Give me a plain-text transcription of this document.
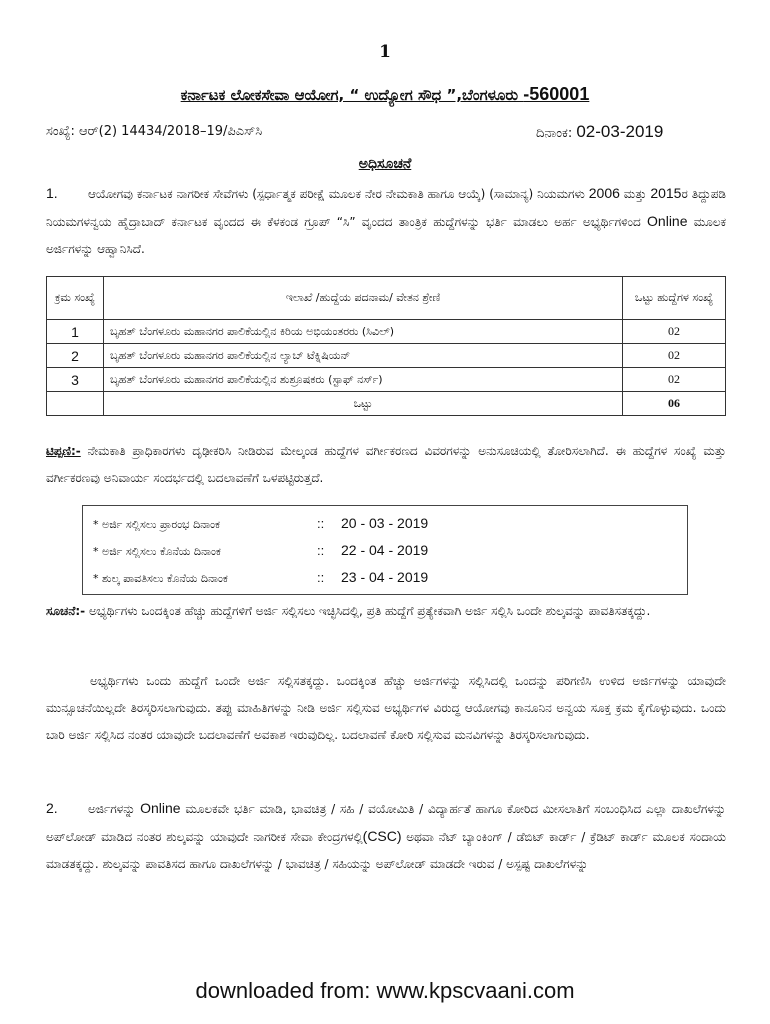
1
ಕರ್ನಾಟಕ ಲೋಕಸೇವಾ ಆಯೋಗ, “ ಉದ್ಯೋಗ ಸೌಧ ”,ಬೆಂಗಳೂರು -560001
ಸಂಖ್ಯೆ: ಆರ್(2) 14434/2018–19/ಪಿಎಸ್‌ಸಿ	ದಿನಾಂಕ: 02-03-2019
ಅಧಿಸೂಚನೆ
1.	ಆಯೋಗವು ಕರ್ನಾಟಕ ನಾಗರೀಕ ಸೇವೆಗಳು (ಸ್ಪರ್ಧಾತ್ಮಕ ಪರೀಕ್ಷೆ ಮೂಲಕ ನೇರ ನೇಮಕಾತಿ ಹಾಗೂ ಆಯ್ಕೆ) (ಸಾಮಾನ್ಯ) ನಿಯಮಗಳು 2006 ಮತ್ತು 2015ರ ತಿದ್ದುಪಡಿ ನಿಯಮಗಳನ್ವಯ ಹೈದ್ರಾಬಾದ್ ಕರ್ನಾಟಕ ವೃಂದದ ಈ ಕೆಳಕಂಡ ಗ್ರೂಪ್ “ಸಿ” ವೃಂದದ ತಾಂತ್ರಿಕ ಹುದ್ದೆಗಳನ್ನು ಭರ್ತಿ ಮಾಡಲು ಅರ್ಹ ಅಭ್ಯರ್ಥಿಗಳಿಂದ Online ಮೂಲಕ ಅರ್ಜಿಗಳನ್ನು ಆಹ್ವಾನಿಸಿದೆ.
ಕ್ರಮ ಸಂಖ್ಯೆ	ಇಲಾಖೆ /ಹುದ್ದೆಯ ಪದನಾಮ/ ವೇತನ ಶ್ರೇಣಿ	ಒಟ್ಟು ಹುದ್ದೆಗಳ ಸಂಖ್ಯೆ
1	ಬೃಹತ್ ಬೆಂಗಳೂರು ಮಹಾನಗರ ಪಾಲಿಕೆಯಲ್ಲಿನ ಕಿರಿಯ ಅಭಿಯಂತರರು (ಸಿವಿಲ್)	02
2	ಬೃಹತ್ ಬೆಂಗಳೂರು ಮಹಾನಗರ ಪಾಲಿಕೆಯಲ್ಲಿನ ಲ್ಯಾಬ್ ಟೆಕ್ನಿಷಿಯನ್	02
3	ಬೃಹತ್ ಬೆಂಗಳೂರು ಮಹಾನಗರ ಪಾಲಿಕೆಯಲ್ಲಿನ ಶುಶ್ರೂಷಕರು (ಸ್ಟಾಫ್ ನರ್ಸ್)	02
	ಒಟ್ಟು	06
ಟಿಪ್ಪಣಿ:- ನೇಮಕಾತಿ ಪ್ರಾಧಿಕಾರಗಳು ದೃಢೀಕರಿಸಿ ನೀಡಿರುವ ಮೇಲ್ಕಂಡ ಹುದ್ದೆಗಳ ವರ್ಗೀಕರಣದ ವಿವರಗಳನ್ನು ಅನುಸೂಚಿಯಲ್ಲಿ ತೋರಿಸಲಾಗಿದೆ. ಈ ಹುದ್ದೆಗಳ ಸಂಖ್ಯೆ ಮತ್ತು ವರ್ಗೀಕರಣವು ಅನಿವಾರ್ಯ ಸಂದರ್ಭದಲ್ಲಿ ಬದಲಾವಣೆಗೆ ಒಳಪಟ್ಟಿರುತ್ತದೆ.
* ಅರ್ಜಿ ಸಲ್ಲಿಸಲು ಪ್ರಾರಂಭ ದಿನಾಂಕ	:: 20 - 03 - 2019
* ಅರ್ಜಿ ಸಲ್ಲಿಸಲು ಕೊನೆಯ ದಿನಾಂಕ	:: 22 - 04 - 2019
* ಶುಲ್ಕ ಪಾವತಿಸಲು ಕೊನೆಯ ದಿನಾಂಕ	:: 23 - 04 - 2019
ಸೂಚನೆ:- ಅಭ್ಯರ್ಥಿಗಳು ಒಂದಕ್ಕಿಂತ ಹೆಚ್ಚು ಹುದ್ದೆಗಳಿಗೆ ಅರ್ಜಿ ಸಲ್ಲಿಸಲು ಇಚ್ಛಿಸಿದಲ್ಲಿ, ಪ್ರತಿ ಹುದ್ದೆಗೆ ಪ್ರತ್ಯೇಕವಾಗಿ ಅರ್ಜಿ ಸಲ್ಲಿಸಿ ಒಂದೇ ಶುಲ್ಕವನ್ನು ಪಾವತಿಸತಕ್ಕದ್ದು.
ಅಭ್ಯರ್ಥಿಗಳು ಒಂದು ಹುದ್ದೆಗೆ ಒಂದೇ ಅರ್ಜಿ ಸಲ್ಲಿಸತಕ್ಕದ್ದು. ಒಂದಕ್ಕಿಂತ ಹೆಚ್ಚು ಅರ್ಜಿಗಳನ್ನು ಸಲ್ಲಿಸಿದಲ್ಲಿ ಒಂದನ್ನು ಪರಿಗಣಿಸಿ ಉಳಿದ ಅರ್ಜಿಗಳನ್ನು ಯಾವುದೇ ಮುನ್ಸೂಚನೆಯಿಲ್ಲದೇ ತಿರಸ್ಕರಿಸಲಾಗುವುದು. ತಪ್ಪು ಮಾಹಿತಿಗಳನ್ನು ನೀಡಿ ಅರ್ಜಿ ಸಲ್ಲಿಸುವ ಅಭ್ಯರ್ಥಿಗಳ ವಿರುದ್ಧ ಆಯೋಗವು ಕಾನೂನಿನ ಅನ್ವಯ ಸೂಕ್ತ ಕ್ರಮ ಕೈಗೊಳ್ಳುವುದು. ಒಂದು ಬಾರಿ ಅರ್ಜಿ ಸಲ್ಲಿಸಿದ ನಂತರ ಯಾವುದೇ ಬದಲಾವಣೆಗೆ ಅವಕಾಶ ಇರುವುದಿಲ್ಲ. ಬದಲಾವಣೆ ಕೋರಿ ಸಲ್ಲಿಸುವ ಮನವಿಗಳನ್ನು ತಿರಸ್ಕರಿಸಲಾಗುವುದು.
2.	ಅರ್ಜಿಗಳನ್ನು Online ಮೂಲಕವೇ ಭರ್ತಿ ಮಾಡಿ, ಭಾವಚಿತ್ರ / ಸಹಿ / ವಯೋಮಿತಿ / ವಿದ್ಯಾರ್ಹತೆ ಹಾಗೂ ಕೋರಿದ ಮೀಸಲಾತಿಗೆ ಸಂಬಂಧಿಸಿದ ಎಲ್ಲಾ ದಾಖಲೆಗಳನ್ನು ಅಪ್‌ಲೋಡ್ ಮಾಡಿದ ನಂತರ ಶುಲ್ಕವನ್ನು ಯಾವುದೇ ನಾಗರೀಕ ಸೇವಾ ಕೇಂದ್ರಗಳಲ್ಲಿ(CSC) ಅಥವಾ ನೆಟ್ ಬ್ಯಾಂಕಿಂಗ್ / ಡೆಬಿಟ್ ಕಾರ್ಡ್ / ಕ್ರೆಡಿಟ್ ಕಾರ್ಡ್ ಮೂಲಕ ಸಂದಾಯ ಮಾಡತಕ್ಕದ್ದು. ಶುಲ್ಕವನ್ನು ಪಾವತಿಸದ ಹಾಗೂ ದಾಖಲೆಗಳನ್ನು / ಭಾವಚಿತ್ರ / ಸಹಿಯನ್ನು ಅಪ್‌ಲೋಡ್ ಮಾಡದೇ ಇರುವ / ಅಸ್ಪಷ್ಟ ದಾಖಲೆಗಳನ್ನು
downloaded from: www.kpscvaani.com
